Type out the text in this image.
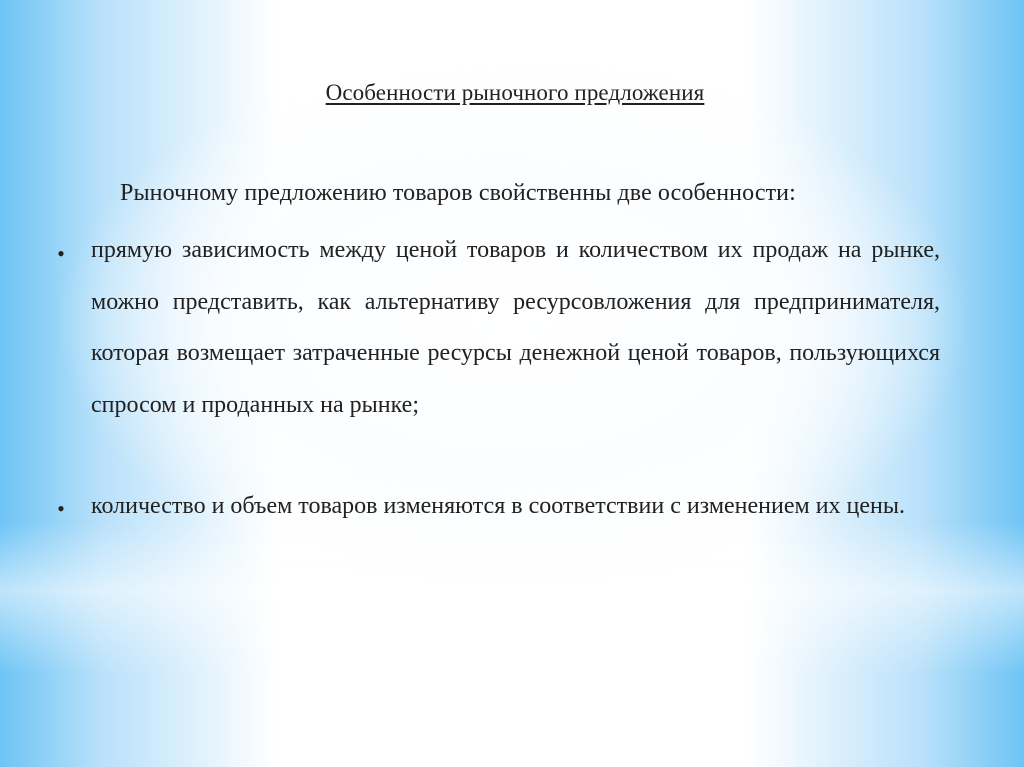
Особенности рыночного предложения
Рыночному предложению товаров свойственны две особенности:
• прямую зависимость между ценой товаров и количеством их продаж на рынке, можно представить, как альтернативу ресурсовложения для предпринимателя, которая возмещает затраченные ресурсы денежной ценой товаров, пользующихся спросом и проданных на рынке;

• количество и объем товаров изменяются в соответствии с изменением их цены.
